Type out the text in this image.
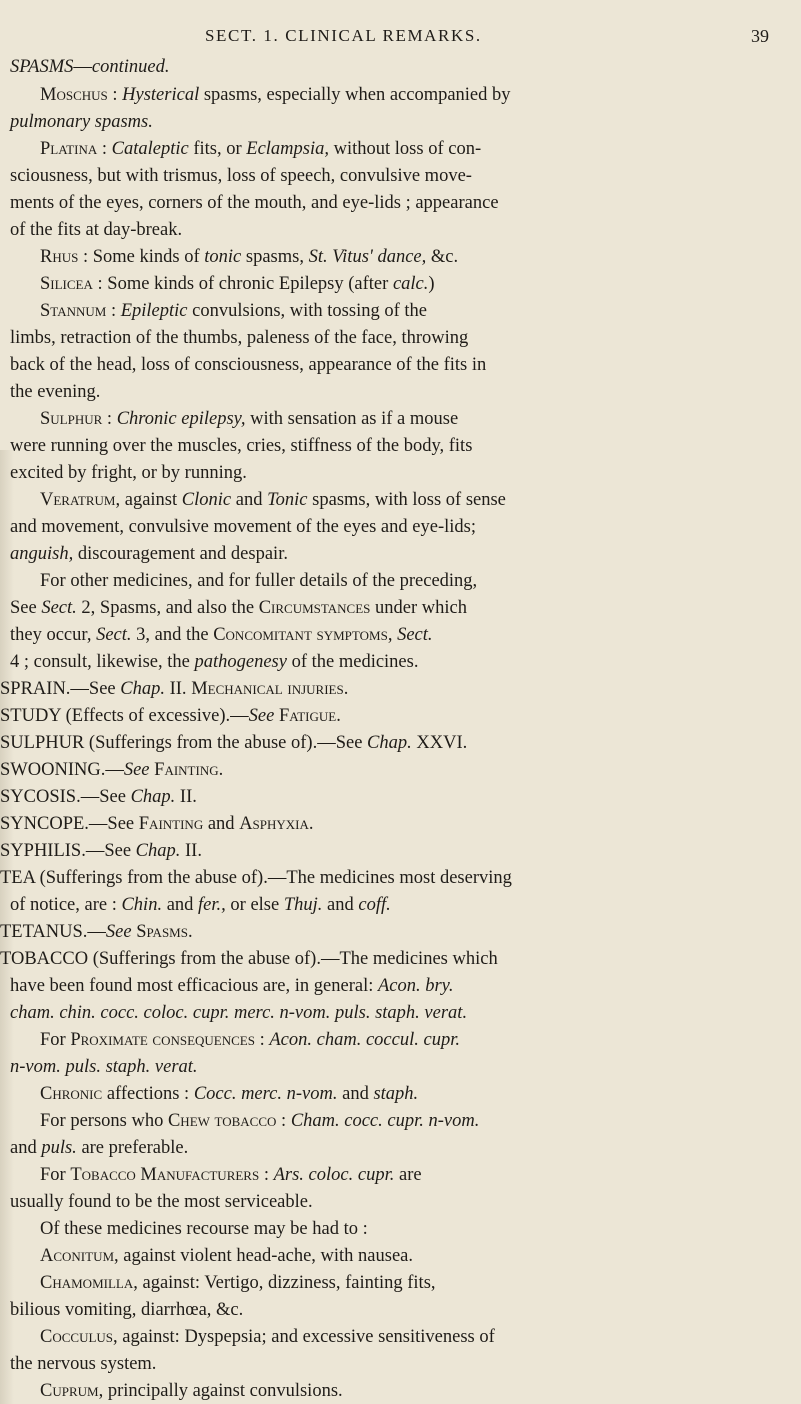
SECT. 1. CLINICAL REMARKS.	39
SPASMS—continued.
Moschus : Hysterical spasms, especially when accompanied by
pulmonary spasms.
Platina : Cataleptic fits, or Eclampsia, without loss of con-
sciousness, but with trismus, loss of speech, convulsive move-
ments of the eyes, corners of the mouth, and eye-lids ; appearance
of the fits at day-break.
Rhus : Some kinds of tonic spasms, St. Vitus' dance, &c.
Silicea : Some kinds of chronic Epilepsy (after calc.)
Stannum : Epileptic convulsions, with tossing of the
limbs, retraction of the thumbs, paleness of the face, throwing
back of the head, loss of consciousness, appearance of the fits in
the evening.
Sulphur : Chronic epilepsy, with sensation as if a mouse
were running over the muscles, cries, stiffness of the body, fits
excited by fright, or by running.
Veratrum, against Clonic and Tonic spasms, with loss of sense
and movement, convulsive movement of the eyes and eye-lids;
anguish, discouragement and despair.
For other medicines, and for fuller details of the preceding,
See Sect. 2, Spasms, and also the Circumstances under which
they occur, Sect. 3, and the Concomitant symptoms, Sect.
4 ; consult, likewise, the pathogenesy of the medicines.
SPRAIN.—See Chap. II. Mechanical injuries.
STUDY (Effects of excessive).—See Fatigue.
SULPHUR (Sufferings from the abuse of).—See Chap. XXVI.
SWOONING.—See Fainting.
SYCOSIS.—See Chap. II.
SYNCOPE.—See Fainting and Asphyxia.
SYPHILIS.—See Chap. II.
TEA (Sufferings from the abuse of).—The medicines most deserving
of notice, are : Chin. and fer., or else Thuj. and coff.
TETANUS.—See Spasms.
TOBACCO (Sufferings from the abuse of).—The medicines which
have been found most efficacious are, in general: Acon. bry.
cham. chin. cocc. coloc. cupr. merc. n-vom. puls. staph. verat.
For Proximate consequences : Acon. cham. coccul. cupr.
n-vom. puls. staph. verat.
Chronic affections : Cocc. merc. n-vom. and staph.
For persons who Chew tobacco : Cham. cocc. cupr. n-vom.
and puls. are preferable.
For Tobacco Manufacturers : Ars. coloc. cupr. are
usually found to be the most serviceable.
Of these medicines recourse may be had to :
Aconitum, against violent head-ache, with nausea.
Chamomilla, against: Vertigo, dizziness, fainting fits,
bilious vomiting, diarrhœa, &c.
Cocculus, against: Dyspepsia; and excessive sensitiveness of
the nervous system.
Cuprum, principally against convulsions.
